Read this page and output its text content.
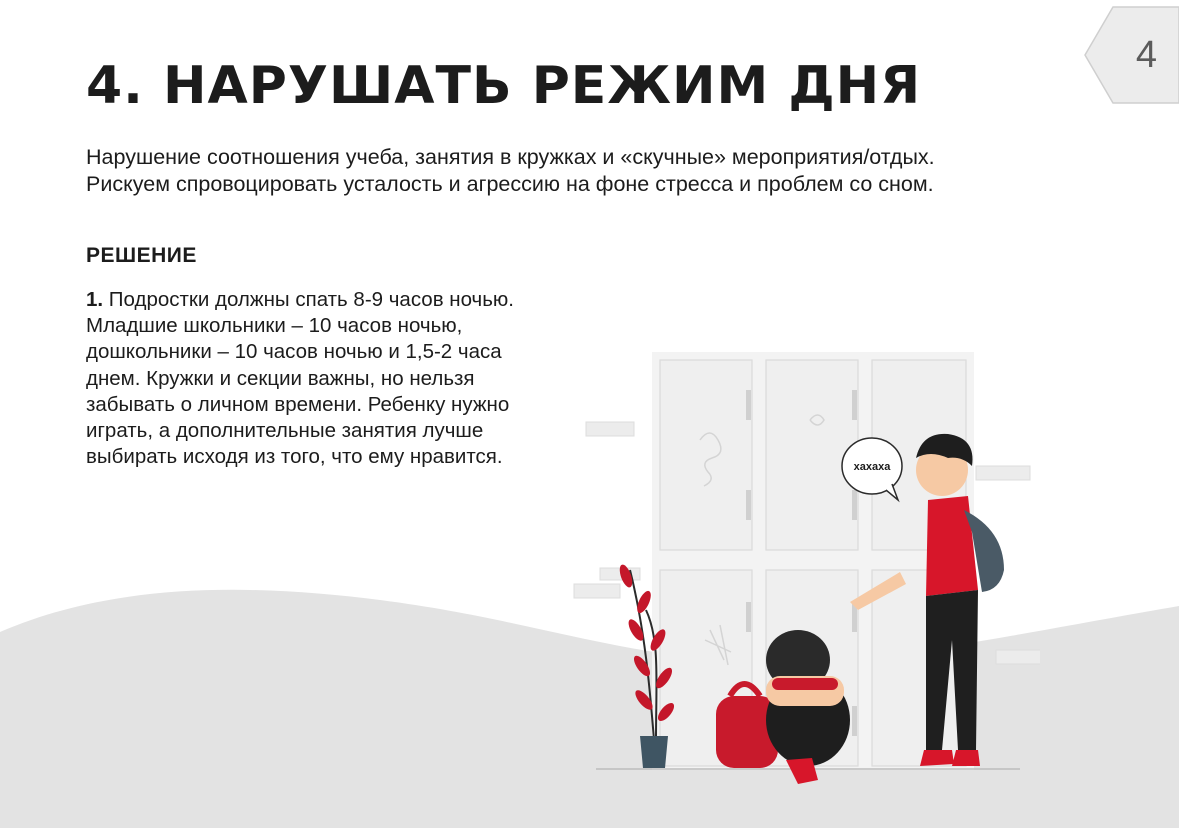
4
4. НАРУШАТЬ РЕЖИМ ДНЯ
Нарушение соотношения учеба, занятия в кружках и «скучные» мероприятия/отдых.
Рискуем спровоцировать усталость и агрессию на фоне стресса и проблем со сном.
РЕШЕНИЕ
1. Подростки должны спать 8-9 часов ночью. Младшие школьники – 10 часов ночью, дошкольники – 10 часов ночью и 1,5-2 часа днем. Кружки и секции важны, но нельзя забывать о личном времени. Ребенку нужно играть, а дополнительные занятия лучше выбирать исходя из того, что ему нравится.	хахаха
